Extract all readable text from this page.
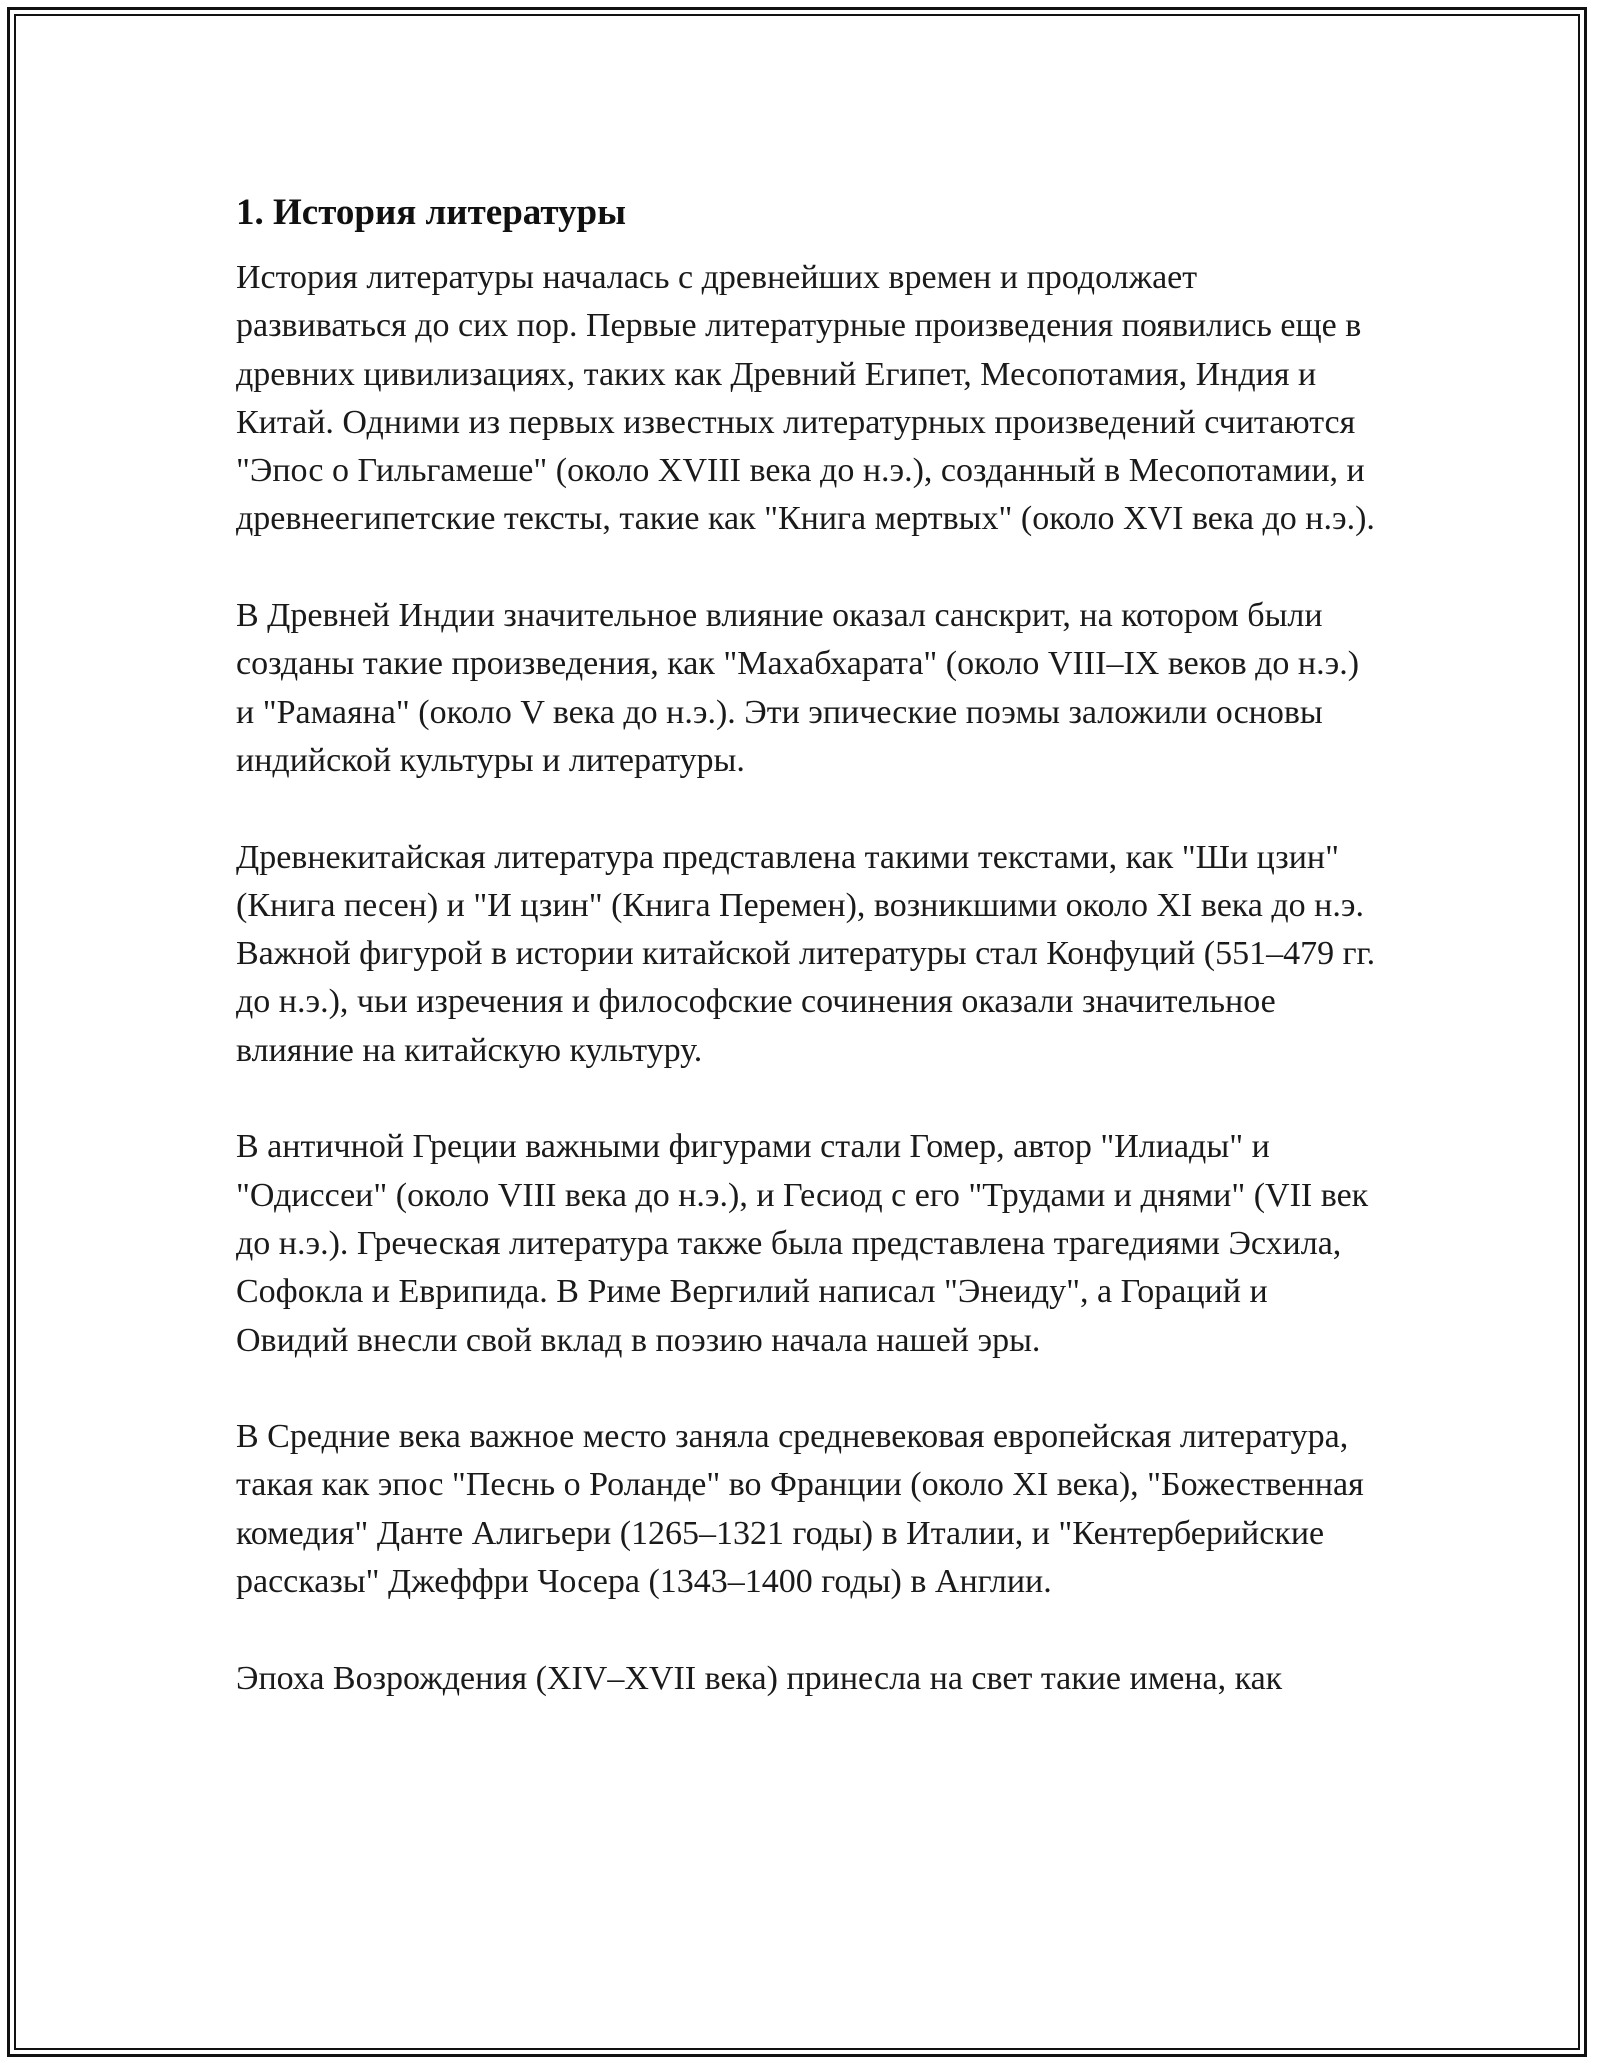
1. История литературы

История литературы началась с древнейших времен и продолжает развиваться до сих пор. Первые литературные произведения появились еще в древних цивилизациях, таких как Древний Египет, Месопотамия, Индия и Китай. Одними из первых известных литературных произведений считаются "Эпос о Гильгамеше" (около XVIII века до н.э.), созданный в Месопотамии, и древнеегипетские тексты, такие как "Книга мертвых" (около XVI века до н.э.).

В Древней Индии значительное влияние оказал санскрит, на котором были созданы такие произведения, как "Махабхарата" (около VIII–IX веков до н.э.) и "Рамаяна" (около V века до н.э.). Эти эпические поэмы заложили основы индийской культуры и литературы.

Древнекитайская литература представлена такими текстами, как "Ши цзин" (Книга песен) и "И цзин" (Книга Перемен), возникшими около XI века до н.э. Важной фигурой в истории китайской литературы стал Конфуций (551–479 гг. до н.э.), чьи изречения и философские сочинения оказали значительное влияние на китайскую культуру.

В античной Греции важными фигурами стали Гомер, автор "Илиады" и "Одиссеи" (около VIII века до н.э.), и Гесиод с его "Трудами и днями" (VII век до н.э.). Греческая литература также была представлена трагедиями Эсхила, Софокла и Еврипида. В Риме Вергилий написал "Энеиду", а Гораций и Овидий внесли свой вклад в поэзию начала нашей эры.

В Средние века важное место заняла средневековая европейская литература, такая как эпос "Песнь о Роланде" во Франции (около XI века), "Божественная комедия" Данте Алигьери (1265–1321 годы) в Италии, и "Кентерберийские рассказы" Джеффри Чосера (1343–1400 годы) в Англии.

Эпоха Возрождения (XIV–XVII века) принесла на свет такие имена, как
